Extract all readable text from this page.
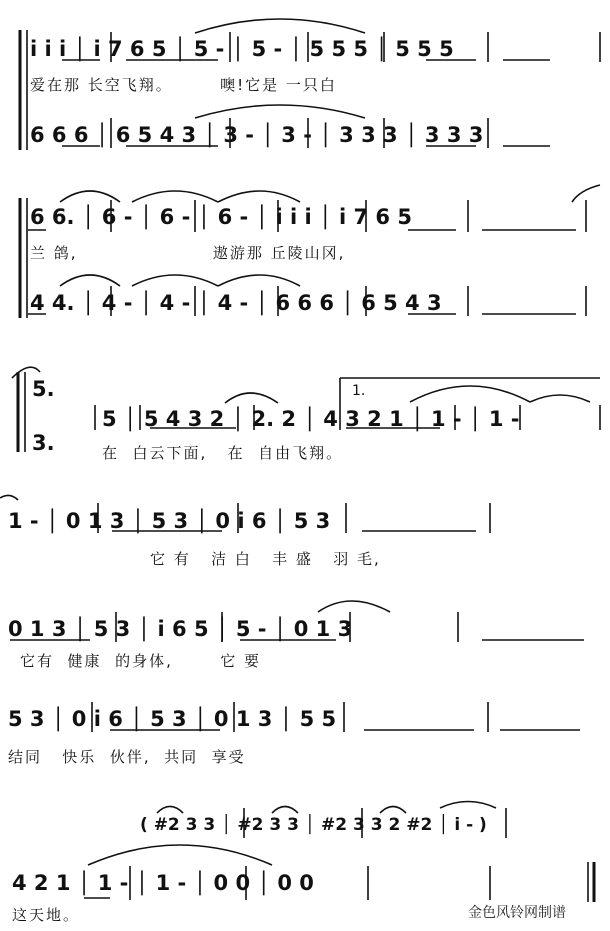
i i i │ i 7 6 5 │ 5 - │ 5 - │ 5 5 5 │ 5 5 5
爱在那 长空飞翔。       噢!它是 一只白
6 6 6 │ 6 5 4 3 │ 3 - │ 3 - │ 3 3 3 │ 3 3 3
6 6. │ 6 - │ 6 - │ 6 - │ i i i │ i 7 6 5
兰 鸽,                    遨游那 丘陵山冈,
4 4. │ 4 - │ 4 - │ 4 - │ 6 6 6 │ 6 5 4 3
5.
3.
1.
5 │ 5 4 3 2 │ 2. 2 │ 4 3 2 1 │ 1 - │ 1 -
在  白云下面,   在  自由飞翔。
1 - │ 0 1 3 │ 5 3 │ 0 i 6 │ 5 3
它 有   洁 白   丰 盛   羽 毛,
0 1 3 │ 5 3 │ i 6 5 │ 5 - │ 0 1 3
它有  健康  的身体,       它 要
5 3 │ 0 i 6 │ 5 3 │ 0 1 3 │ 5 5
结同   快乐  伙伴,  共同  享受
( #2 3 3 │ #2 3 3 │ #2 3 3 2 #2 │ i - )
4 2 1 │ 1 - │ 1 - │ 0 0 │ 0 0
这天地。	金色风铃网制谱
